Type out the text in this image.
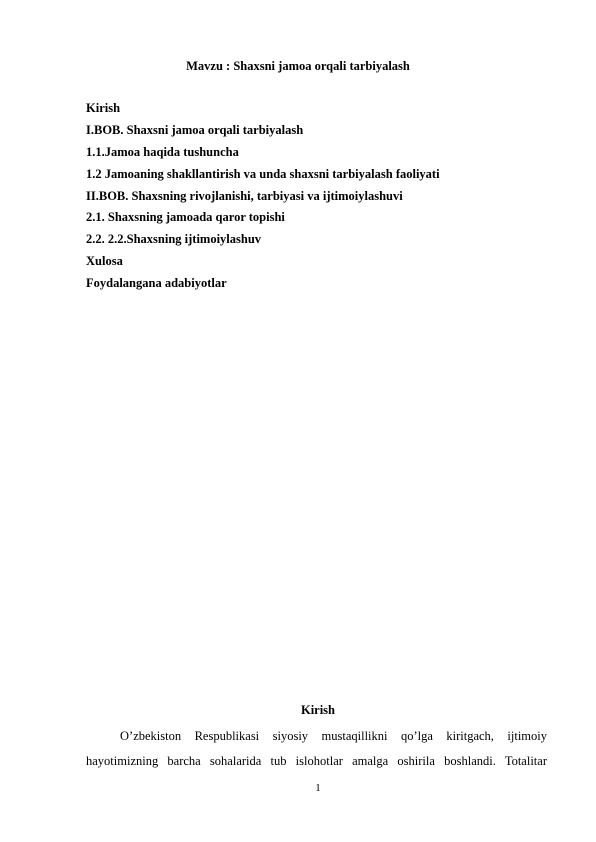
Mavzu : Shaxsni jamoa orqali tarbiyalash
Kirish
I.BOB. Shaxsni jamoa orqali tarbiyalash
1.1.Jamoa haqida tushuncha
1.2 Jamoaning shakllantirish va unda shaxsni tarbiyalash faoliyati
II.BOB. Shaxsning rivojlanishi, tarbiyasi va ijtimoiylashuvi
2.1. Shaxsning jamoada qaror topishi
2.2. 2.2.Shaxsning ijtimoiylashuv
Xulosa
Foydalangana adabiyotlar
Kirish
O’zbekiston Respublikasi siyosiy mustaqillikni qo’lga kiritgach, ijtimoiy
hayotimizning barcha sohalarida tub islohotlar amalga oshirila boshlandi. Totalitar
1
